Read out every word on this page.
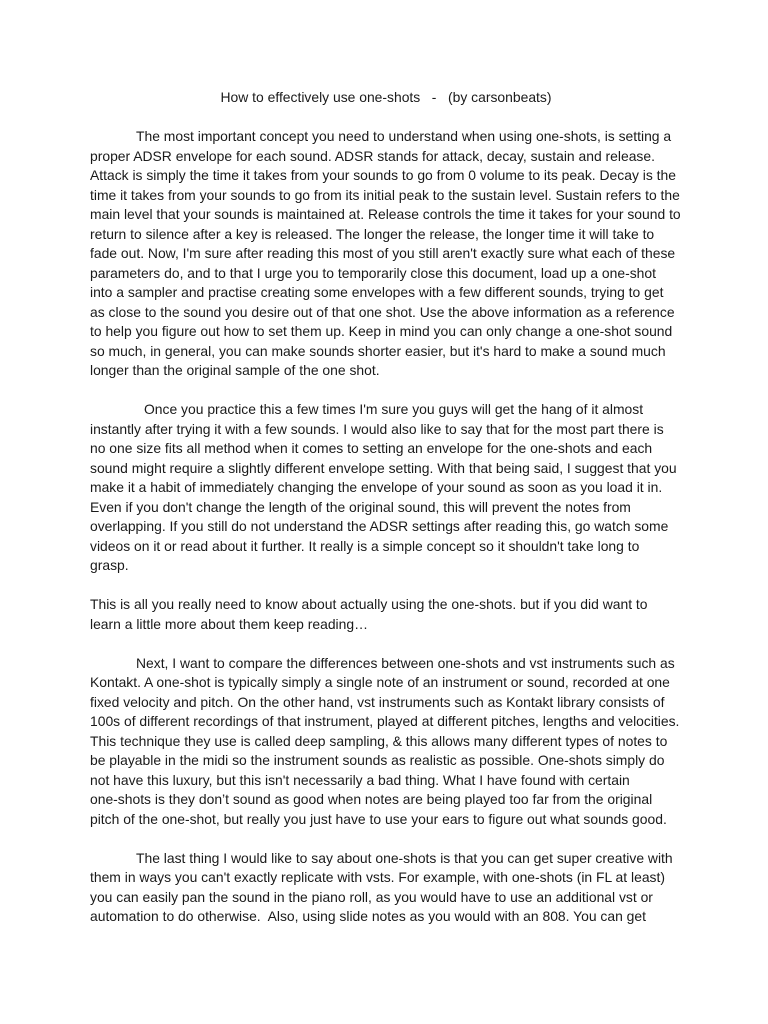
How to effectively use one-shots   -   (by carsonbeats)
The most important concept you need to understand when using one-shots, is setting a
proper ADSR envelope for each sound. ADSR stands for attack, decay, sustain and release.
Attack is simply the time it takes from your sounds to go from 0 volume to its peak. Decay is the
time it takes from your sounds to go from its initial peak to the sustain level. Sustain refers to the
main level that your sounds is maintained at. Release controls the time it takes for your sound to
return to silence after a key is released. The longer the release, the longer time it will take to
fade out. Now, I'm sure after reading this most of you still aren't exactly sure what each of these
parameters do, and to that I urge you to temporarily close this document, load up a one-shot
into a sampler and practise creating some envelopes with a few different sounds, trying to get
as close to the sound you desire out of that one shot. Use the above information as a reference
to help you figure out how to set them up. Keep in mind you can only change a one-shot sound
so much, in general, you can make sounds shorter easier, but it's hard to make a sound much
longer than the original sample of the one shot.
Once you practice this a few times I'm sure you guys will get the hang of it almost
instantly after trying it with a few sounds. I would also like to say that for the most part there is
no one size fits all method when it comes to setting an envelope for the one-shots and each
sound might require a slightly different envelope setting. With that being said, I suggest that you
make it a habit of immediately changing the envelope of your sound as soon as you load it in.
Even if you don't change the length of the original sound, this will prevent the notes from
overlapping. If you still do not understand the ADSR settings after reading this, go watch some
videos on it or read about it further. It really is a simple concept so it shouldn't take long to
grasp.
This is all you really need to know about actually using the one-shots. but if you did want to
learn a little more about them keep reading…
Next, I want to compare the differences between one-shots and vst instruments such as
Kontakt. A one-shot is typically simply a single note of an instrument or sound, recorded at one
fixed velocity and pitch. On the other hand, vst instruments such as Kontakt library consists of
100s of different recordings of that instrument, played at different pitches, lengths and velocities.
This technique they use is called deep sampling, & this allows many different types of notes to
be playable in the midi so the instrument sounds as realistic as possible. One-shots simply do
not have this luxury, but this isn't necessarily a bad thing. What I have found with certain
one-shots is they don’t sound as good when notes are being played too far from the original
pitch of the one-shot, but really you just have to use your ears to figure out what sounds good.
The last thing I would like to say about one-shots is that you can get super creative with
them in ways you can't exactly replicate with vsts. For example, with one-shots (in FL at least)
you can easily pan the sound in the piano roll, as you would have to use an additional vst or
automation to do otherwise.  Also, using slide notes as you would with an 808. You can get
